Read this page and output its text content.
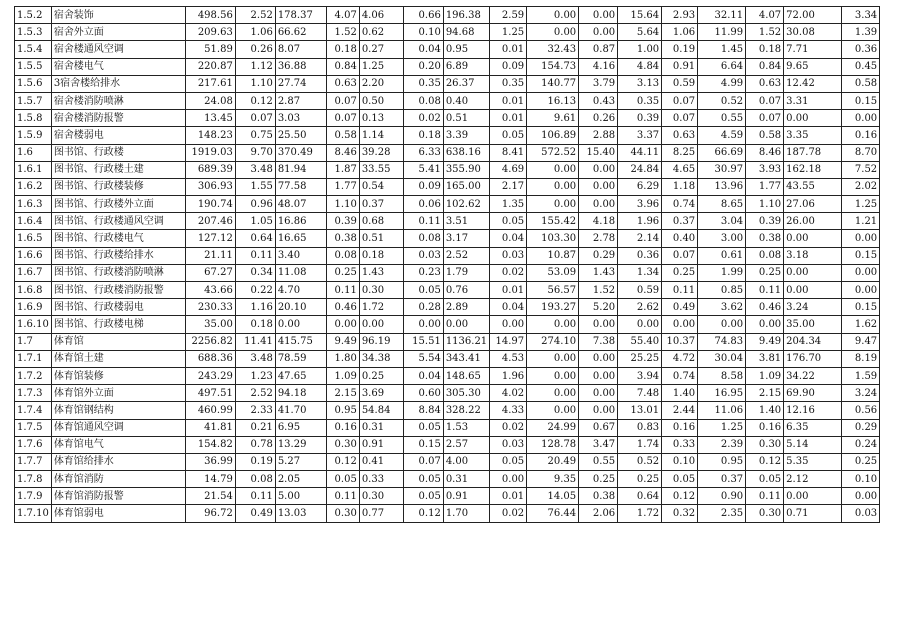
1.5.2	宿舍装饰	498.56	2.52	178.37	4.07	4.06	0.66	196.38	2.59	0.00	0.00	15.64	2.93	32.11	4.07	72.00	3.34
1.5.3	宿舍外立面	209.63	1.06	66.62	1.52	0.62	0.10	94.68	1.25	0.00	0.00	5.64	1.06	11.99	1.52	30.08	1.39
1.5.4	宿舍楼通风空调	51.89	0.26	8.07	0.18	0.27	0.04	0.95	0.01	32.43	0.87	1.00	0.19	1.45	0.18	7.71	0.36
1.5.5	宿舍楼电气	220.87	1.12	36.88	0.84	1.25	0.20	6.89	0.09	154.73	4.16	4.84	0.91	6.64	0.84	9.65	0.45
1.5.6	3宿舍楼给排水	217.61	1.10	27.74	0.63	2.20	0.35	26.37	0.35	140.77	3.79	3.13	0.59	4.99	0.63	12.42	0.58
1.5.7	宿舍楼消防喷淋	24.08	0.12	2.87	0.07	0.50	0.08	0.40	0.01	16.13	0.43	0.35	0.07	0.52	0.07	3.31	0.15
1.5.8	宿舍楼消防报警	13.45	0.07	3.03	0.07	0.13	0.02	0.51	0.01	9.61	0.26	0.39	0.07	0.55	0.07	0.00	0.00
1.5.9	宿舍楼弱电	148.23	0.75	25.50	0.58	1.14	0.18	3.39	0.05	106.89	2.88	3.37	0.63	4.59	0.58	3.35	0.16
1.6	图书馆、行政楼	1919.03	9.70	370.49	8.46	39.28	6.33	638.16	8.41	572.52	15.40	44.11	8.25	66.69	8.46	187.78	8.70
1.6.1	图书馆、行政楼土建	689.39	3.48	81.94	1.87	33.55	5.41	355.90	4.69	0.00	0.00	24.84	4.65	30.97	3.93	162.18	7.52
1.6.2	图书馆、行政楼装修	306.93	1.55	77.58	1.77	0.54	0.09	165.00	2.17	0.00	0.00	6.29	1.18	13.96	1.77	43.55	2.02
1.6.3	图书馆、行政楼外立面	190.74	0.96	48.07	1.10	0.37	0.06	102.62	1.35	0.00	0.00	3.96	0.74	8.65	1.10	27.06	1.25
1.6.4	图书馆、行政楼通风空调	207.46	1.05	16.86	0.39	0.68	0.11	3.51	0.05	155.42	4.18	1.96	0.37	3.04	0.39	26.00	1.21
1.6.5	图书馆、行政楼电气	127.12	0.64	16.65	0.38	0.51	0.08	3.17	0.04	103.30	2.78	2.14	0.40	3.00	0.38	0.00	0.00
1.6.6	图书馆、行政楼给排水	21.11	0.11	3.40	0.08	0.18	0.03	2.52	0.03	10.87	0.29	0.36	0.07	0.61	0.08	3.18	0.15
1.6.7	图书馆、行政楼消防喷淋	67.27	0.34	11.08	0.25	1.43	0.23	1.79	0.02	53.09	1.43	1.34	0.25	1.99	0.25	0.00	0.00
1.6.8	图书馆、行政楼消防报警	43.66	0.22	4.70	0.11	0.30	0.05	0.76	0.01	56.57	1.52	0.59	0.11	0.85	0.11	0.00	0.00
1.6.9	图书馆、行政楼弱电	230.33	1.16	20.10	0.46	1.72	0.28	2.89	0.04	193.27	5.20	2.62	0.49	3.62	0.46	3.24	0.15
1.6.10	图书馆、行政楼电梯	35.00	0.18	0.00	0.00	0.00	0.00	0.00	0.00	0.00	0.00	0.00	0.00	0.00	0.00	35.00	1.62
1.7	体育馆	2256.82	11.41	415.75	9.49	96.19	15.51	1136.21	14.97	274.10	7.38	55.40	10.37	74.83	9.49	204.34	9.47
1.7.1	体育馆土建	688.36	3.48	78.59	1.80	34.38	5.54	343.41	4.53	0.00	0.00	25.25	4.72	30.04	3.81	176.70	8.19
1.7.2	体育馆装修	243.29	1.23	47.65	1.09	0.25	0.04	148.65	1.96	0.00	0.00	3.94	0.74	8.58	1.09	34.22	1.59
1.7.3	体育馆外立面	497.51	2.52	94.18	2.15	3.69	0.60	305.30	4.02	0.00	0.00	7.48	1.40	16.95	2.15	69.90	3.24
1.7.4	体育馆钢结构	460.99	2.33	41.70	0.95	54.84	8.84	328.22	4.33	0.00	0.00	13.01	2.44	11.06	1.40	12.16	0.56
1.7.5	体育馆通风空调	41.81	0.21	6.95	0.16	0.31	0.05	1.53	0.02	24.99	0.67	0.83	0.16	1.25	0.16	6.35	0.29
1.7.6	体育馆电气	154.82	0.78	13.29	0.30	0.91	0.15	2.57	0.03	128.78	3.47	1.74	0.33	2.39	0.30	5.14	0.24
1.7.7	体育馆给排水	36.99	0.19	5.27	0.12	0.41	0.07	4.00	0.05	20.49	0.55	0.52	0.10	0.95	0.12	5.35	0.25
1.7.8	体育馆消防	14.79	0.08	2.05	0.05	0.33	0.05	0.31	0.00	9.35	0.25	0.25	0.05	0.37	0.05	2.12	0.10
1.7.9	体育馆消防报警	21.54	0.11	5.00	0.11	0.30	0.05	0.91	0.01	14.05	0.38	0.64	0.12	0.90	0.11	0.00	0.00
1.7.10	体育馆弱电	96.72	0.49	13.03	0.30	0.77	0.12	1.70	0.02	76.44	2.06	1.72	0.32	2.35	0.30	0.71	0.03
